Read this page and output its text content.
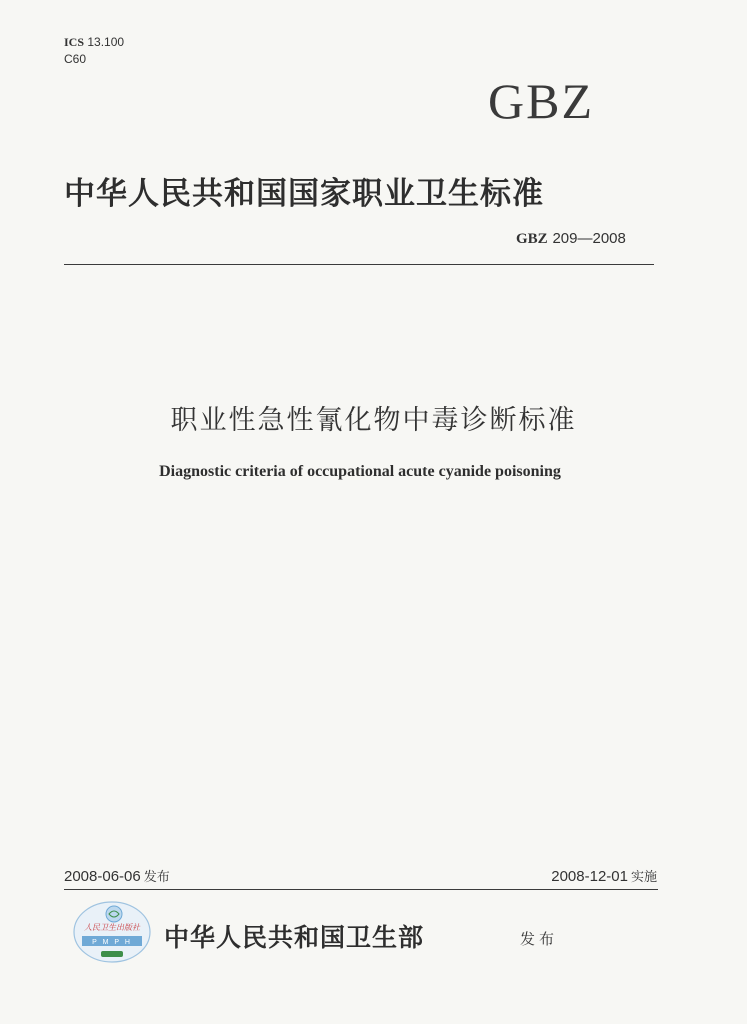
ICS 13.100
C60
GBZ
中华人民共和国国家职业卫生标准
GBZ 209—2008
职业性急性氰化物中毒诊断标准
Diagnostic criteria of occupational acute cyanide poisoning
2008-06-06 发布	2008-12-01 实施
人民卫生出版社
P M P H 中华人民共和国卫生部	发布
